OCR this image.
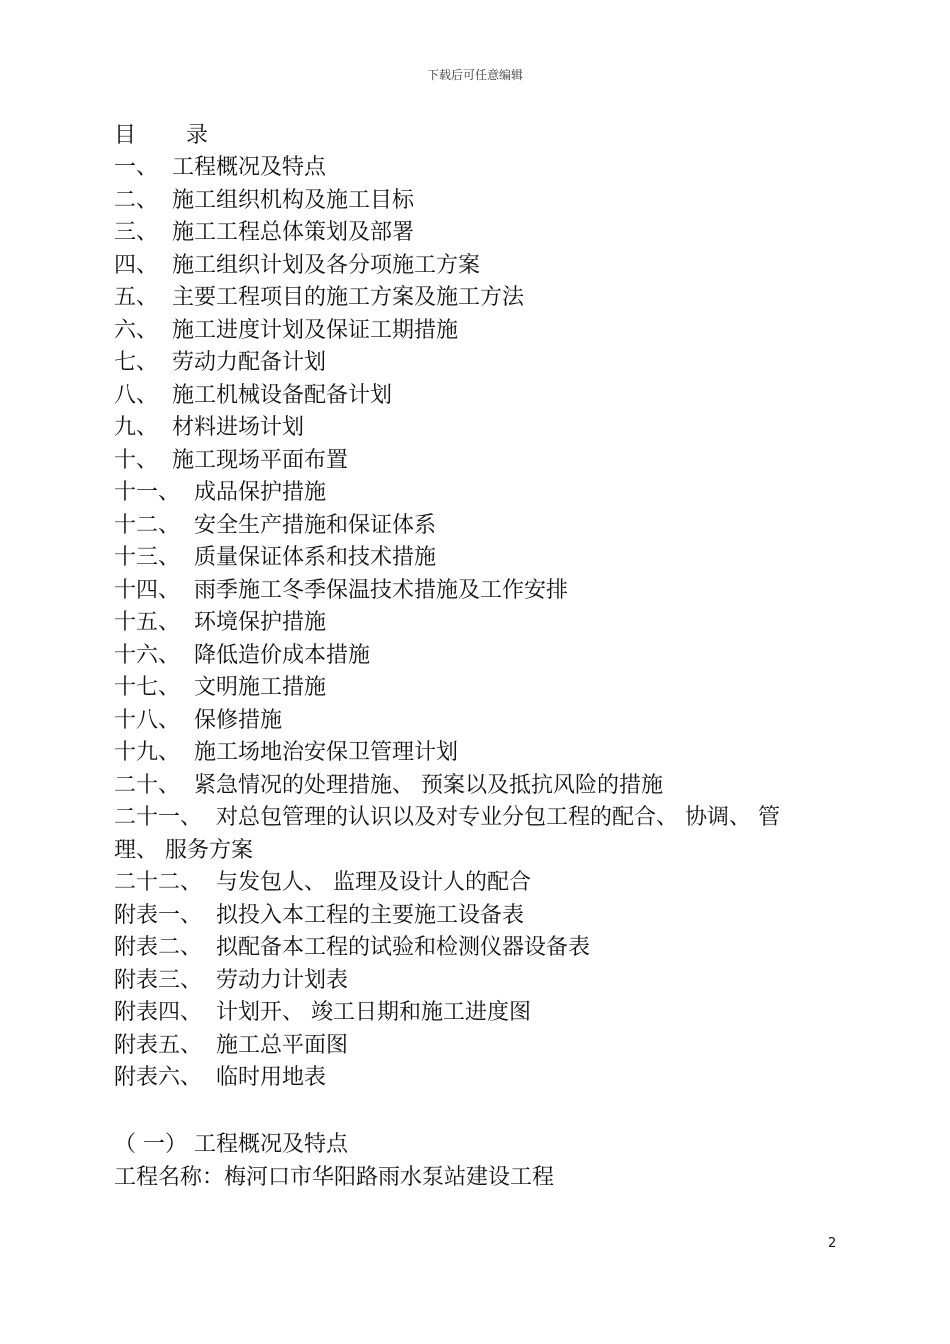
下载后可任意编辑
目 录
一、 工程概况及特点
二、 施工组织机构及施工目标
三、 施工工程总体策划及部署
四、 施工组织计划及各分项施工方案
五、 主要工程项目的施工方案及施工方法
六、 施工进度计划及保证工期措施
七、 劳动力配备计划
八、 施工机械设备配备计划
九、 材料进场计划
十、 施工现场平面布置
十一、 成品保护措施
十二、 安全生产措施和保证体系
十三、 质量保证体系和技术措施
十四、 雨季施工冬季保温技术措施及工作安排
十五、 环境保护措施
十六、 降低造价成本措施
十七、 文明施工措施
十八、 保修措施
十九、 施工场地治安保卫管理计划
二十、 紧急情况的处理措施、 预案以及抵抗风险的措施
二十一、 对总包管理的认识以及对专业分包工程的配合、 协调、 管
理、 服务方案
二十二、 与发包人、 监理及设计人的配合
附表一、 拟投入本工程的主要施工设备表
附表二、 拟配备本工程的试验和检测仪器设备表
附表三、 劳动力计划表
附表四、 计划开、 竣工日期和施工进度图
附表五、 施工总平面图
附表六、 临时用地表
（ 一） 工程概况及特点
工程名称：梅河口市华阳路雨水泵站建设工程
2
